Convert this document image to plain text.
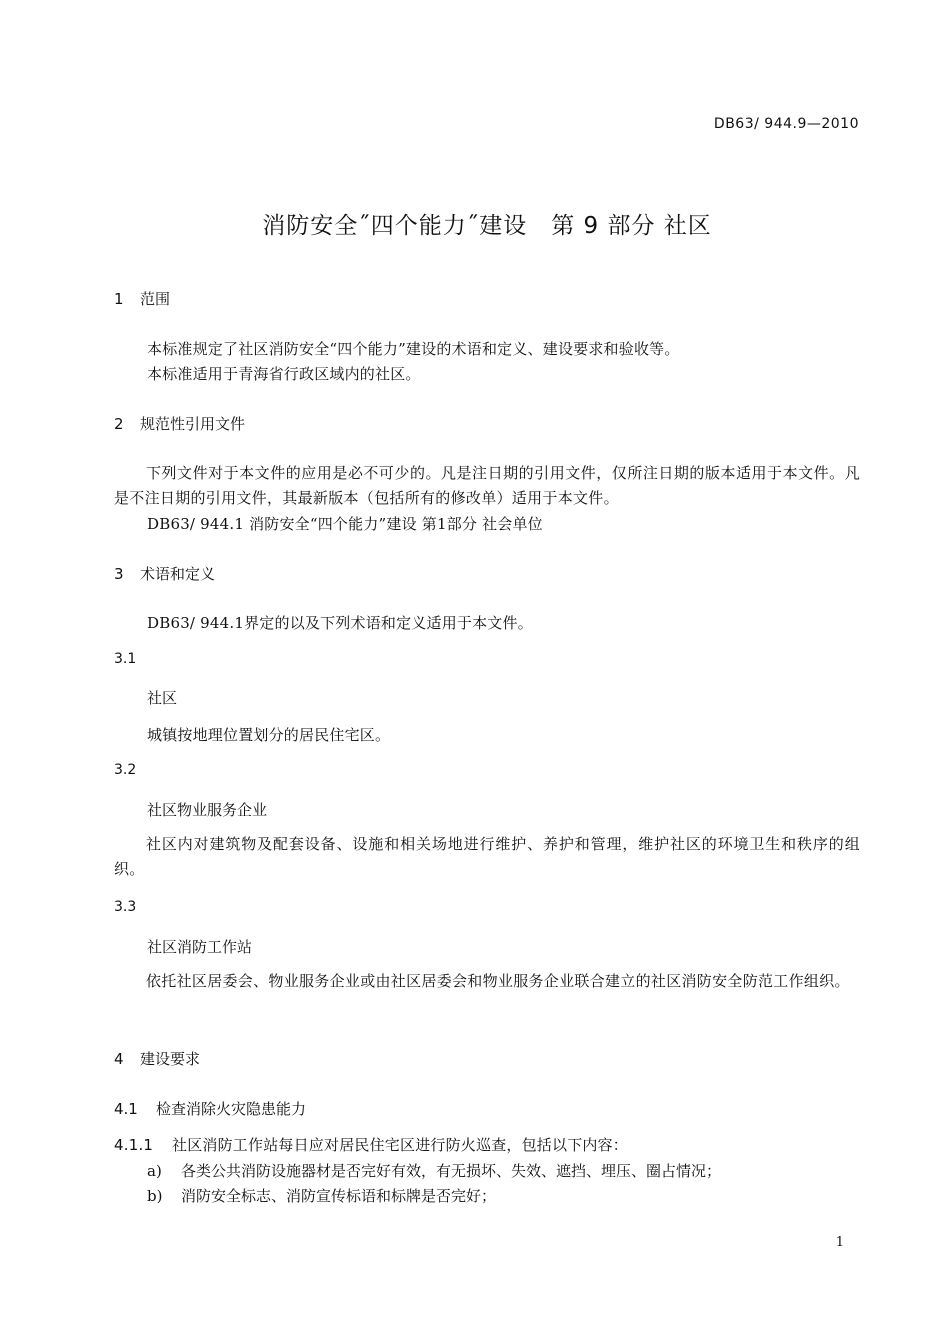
DB63/ 944.9—2010
消防安全˝四个能力˝建设　第 9 部分 社区
1 范围
本标准规定了社区消防安全“四个能力”建设的术语和定义、建设要求和验收等。
本标准适用于青海省行政区域内的社区。
2 规范性引用文件
下列文件对于本文件的应用是必不可少的。凡是注日期的引用文件，仅所注日期的版本适用于本文件。凡是不注日期的引用文件，其最新版本（包括所有的修改单）适用于本文件。
DB63/ 944.1 消防安全“四个能力”建设 第1部分 社会单位
3 术语和定义
DB63/ 944.1界定的以及下列术语和定义适用于本文件。
3.1
社区
城镇按地理位置划分的居民住宅区。
3.2
社区物业服务企业
社区内对建筑物及配套设备、设施和相关场地进行维护、养护和管理，维护社区的环境卫生和秩序的组织。
3.3
社区消防工作站
依托社区居委会、物业服务企业或由社区居委会和物业服务企业联合建立的社区消防安全防范工作组织。
4 建设要求
4.1 检查消除火灾隐患能力
4.1.1 社区消防工作站每日应对居民住宅区进行防火巡查，包括以下内容：
a) 各类公共消防设施器材是否完好有效，有无损坏、失效、遮挡、埋压、圈占情况；
b) 消防安全标志、消防宣传标语和标牌是否完好；
1
